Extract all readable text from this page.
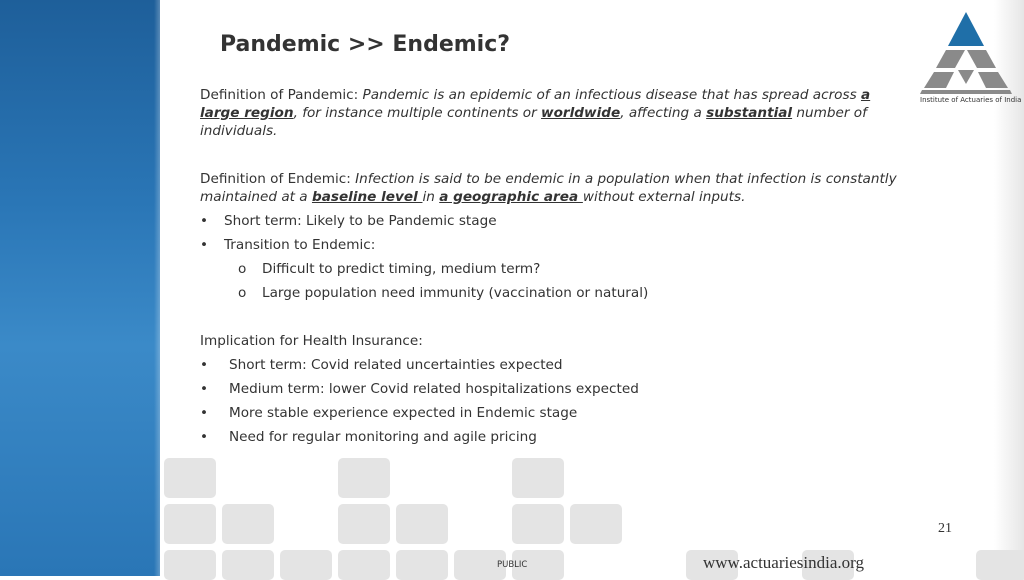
Pandemic >> Endemic?
Institute of Actuaries of India

Definition of Pandemic: Pandemic is an epidemic of an infectious disease that has spread across a large region, for instance multiple continents or worldwide, affecting a substantial number of individuals.

Definition of Endemic: Infection is said to be endemic in a population when that infection is constantly maintained at a baseline level in a geographic area without external inputs.

• Short term: Likely to be Pandemic stage
• Transition to Endemic:
o Difficult to predict timing, medium term?
o Large population need immunity (vaccination or natural)

Implication for Health Insurance:

• Short term: Covid related uncertainties expected
• Medium term: lower Covid related hospitalizations expected
• More stable experience expected in Endemic stage
• Need for regular monitoring and agile pricing
21
PUBLIC	www.actuariesindia.org
